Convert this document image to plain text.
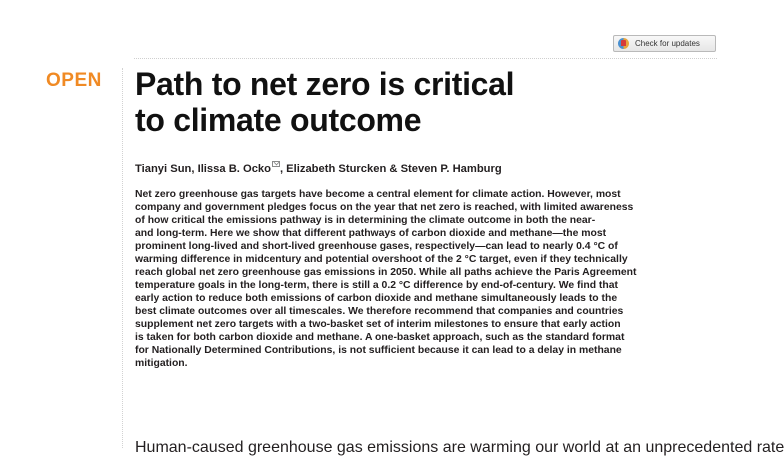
Check for updates
OPEN Path to net zero is critical
to climate outcome
Tianyi Sun, Ilissa B. Ocko , Elizabeth Sturcken & Steven P. Hamburg
Net zero greenhouse gas targets have become a central element for climate action. However, most
company and government pledges focus on the year that net zero is reached, with limited awareness
of how critical the emissions pathway is in determining the climate outcome in both the near-
and long-term. Here we show that different pathways of carbon dioxide and methane—the most
prominent long-lived and short-lived greenhouse gases, respectively—can lead to nearly 0.4 °C of
warming difference in midcentury and potential overshoot of the 2 °C target, even if they technically
reach global net zero greenhouse gas emissions in 2050. While all paths achieve the Paris Agreement
temperature goals in the long-term, there is still a 0.2 °C difference by end-of-century. We find that
early action to reduce both emissions of carbon dioxide and methane simultaneously leads to the
best climate outcomes over all timescales. We therefore recommend that companies and countries
supplement net zero targets with a two-basket set of interim milestones to ensure that early action
is taken for both carbon dioxide and methane. A one-basket approach, such as the standard format
for Nationally Determined Contributions, is not sufficient because it can lead to a delay in methane
mitigation.
Human-caused greenhouse gas emissions are warming our world at an unprecedented rate
